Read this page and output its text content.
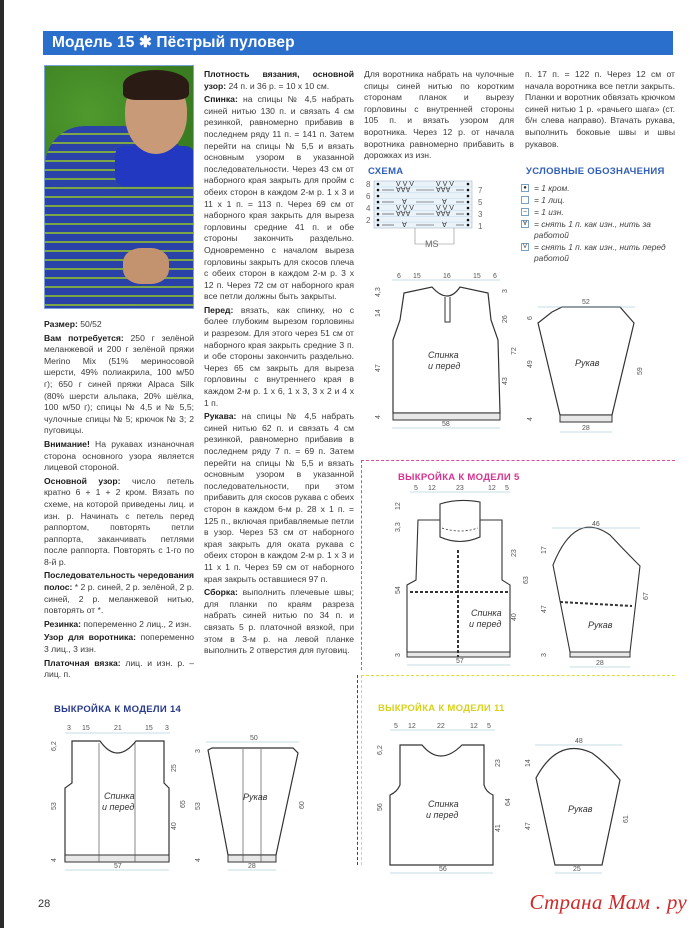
Модель 15 ✱ Пёстрый пуловер

Размер: 50/52

Вам потребуется: 250 г зелёной меланжевой и 200 г зелёной пряжи Merino Mix (51% мериносовой шерсти, 49% полиакрила, 100 м/50 г); 650 г синей пряжи Alpaca Silk (80% шерсти альпака, 20% шёлка, 100 м/50 г); спицы № 4,5 и № 5,5; чулочные спицы № 5; крючок № 3; 2 пуговицы.

Внимание! На рукавах изнаночная сторона основного узора является лицевой стороной.

Основной узор: число петель кратно 6 + 1 + 2 кром. Вязать по схеме, на которой приведены лиц. и изн. р. Начинать с петель перед раппортом, повторять петли раппорта, заканчивать петлями после раппорта. Повторять с 1-го по 8-й р.

Последовательность чередования полос: * 2 р. синей, 2 р. зелёной, 2 р. синей, 2 р. меланжевой нитью, повторять от *.

Резинка: попеременно 2 лиц., 2 изн.

Узор для воротника: попеременно 3 лиц., 3 изн.

Платочная вязка: лиц. и изн. р. – лиц. п.

Плотность вязания, основной узор: 24 п. и 36 р. = 10 х 10 см.

Спинка: на спицы № 4,5 набрать синей нитью 130 п. и связать 4 см резинкой, равномерно прибавив в последнем ряду 11 п. = 141 п. Затем перейти на спицы № 5,5 и вязать основным узором в указанной последовательности. Через 43 см от наборного края закрыть для пройм с обеих сторон в каждом 2-м р. 1 х 3 и 11 х 1 п. = 113 п. Через 69 см от наборного края закрыть для выреза горловины средние 41 п. и обе стороны закончить раздельно. Одновременно с началом выреза горловины закрыть для скосов плеча с обеих сторон в каждом 2-м р. 3 х 12 п. Через 72 см от наборного края все петли должны быть закрыты.

Перед: вязать, как спинку, но с более глубоким вырезом горловины и разрезом. Для этого через 51 см от наборного края закрыть средние 3 п. и обе стороны закончить раздельно. Через 65 см закрыть для выреза горловины с внутреннего края в каждом 2-м р. 1 х 6, 1 х 3, 3 х 2 и 4 х 1 п.

Рукава: на спицы № 4,5 набрать синей нитью 62 п. и связать 4 см резинкой, равномерно прибавив в последнем ряду 7 п. = 69 п. Затем перейти на спицы № 5,5 и вязать основным узором в указанной последовательности, при этом прибавить для скосов рукава с обеих сторон в каждом 6-м р. 28 х 1 п. = 125 п., включая прибавляемые петли в узор. Через 53 см от наборного края закрыть для оката рукава с обеих сторон в каждом 2-м р. 1 х 3 и 11 х 1 п. Через 59 см от наборного края закрыть оставшиеся 97 п.

Сборка: выполнить плечевые швы; для планки по краям разреза набрать синей нитью по 34 п. и связать 5 р. платочной вязкой, при этом в 3-м р. на левой планке выполнить 2 отверстия для пуговиц.

Для воротника набрать на чулочные спицы синей нитью по коротким сторонам планок и вырезу горловины с внутренней стороны 105 п. и вязать узором для воротника. Через 12 р. от начала воротника равномерно прибавить в дорожках из изн.

п. 17 п. = 122 п. Через 12 см от начала воротника все петли закрыть. Планки и воротник обвязать крючком синей нитью 1 р. «рачьего шага» (ст. б/н слева направо). Втачать рукава, выполнить боковые швы и швы рукавов.

СХЕМА
V V V	V V V
∀∀∀	∀∀∀
∀	∀
V V V	V V V
∀∀∀	∀∀∀
∀	∀
8
6
4
2
7
5
3
1
MS
УСЛОВНЫЕ ОБОЗНАЧЕНИЯ
● = 1 кром.
= 1 лиц.
– = 1 изн.
∀ = снять 1 п. как изн., нить за работой
V = снять 1 п. как изн., нить перед работой
6 15	16	15 6
Спинка
и перед
4,3
14
47
4
3
26
72
43
58
Рукав
52
6
49
4
59
28
ВЫКРОЙКА К МОДЕЛИ 5
5 12	23	12 5
Спинка
и перед
12
3,3
54
3
23
63
40
57
Рукав
46
17
47
3
67
28
ВЫКРОЙКА К МОДЕЛИ 14
3 15	21	15 3
Спинка
и перед
6,2
53
4
25
65
40
57
Рукав
50
3
53
4
60
28
ВЫКРОЙКА К МОДЕЛИ 11
5 12	22	12 5
Спинка
и перед
6,2
56
23
64
41
56
Рукав
48
14
47
61
25
28	Страна Мам . ру
